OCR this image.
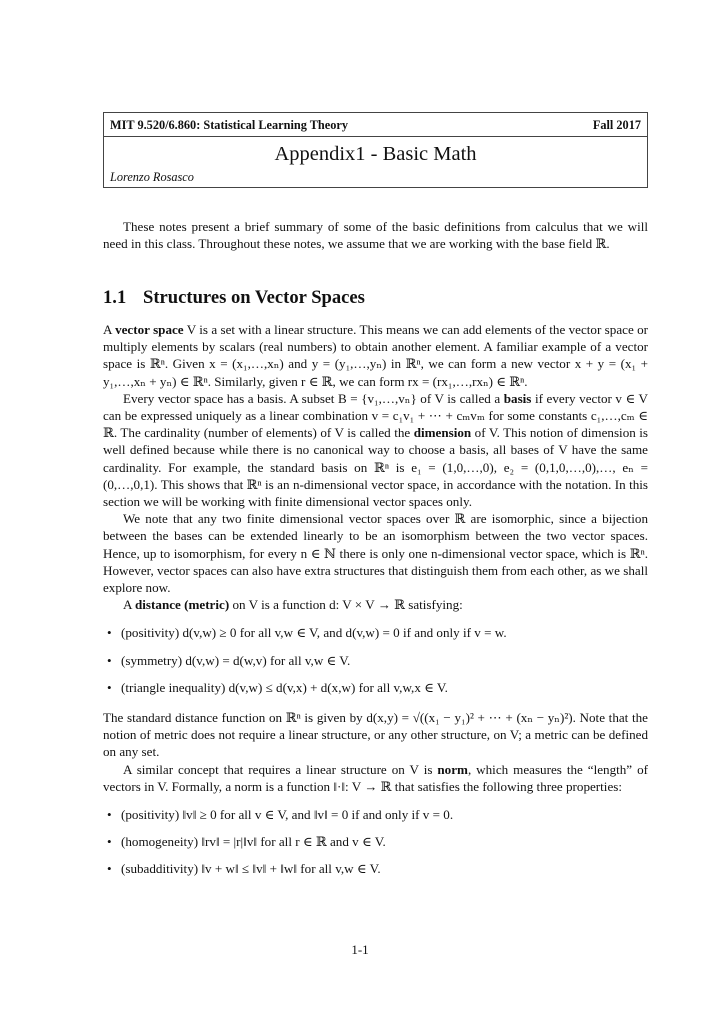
MIT 9.520/6.860: Statistical Learning Theory	Fall 2017
Appendix1 - Basic Math
Lorenzo Rosasco

These notes present a brief summary of some of the basic definitions from calculus that we will need in this class. Throughout these notes, we assume that we are working with the base field ℝ.

1.1 Structures on Vector Spaces

A vector space V is a set with a linear structure. This means we can add elements of the vector space or multiply elements by scalars (real numbers) to obtain another element. A familiar example of a vector space is ℝⁿ. Given x = (x₁,…,xₙ) and y = (y₁,…,yₙ) in ℝⁿ, we can form a new vector x + y = (x₁ + y₁,…,xₙ + yₙ) ∈ ℝⁿ. Similarly, given r ∈ ℝ, we can form rx = (rx₁,…,rxₙ) ∈ ℝⁿ.

Every vector space has a basis. A subset B = {v₁,…,vₙ} of V is called a basis if every vector v ∈ V can be expressed uniquely as a linear combination v = c₁v₁ + ⋯ + cₘvₘ for some constants c₁,…,cₘ ∈ ℝ. The cardinality (number of elements) of V is called the dimension of V. This notion of dimension is well defined because while there is no canonical way to choose a basis, all bases of V have the same cardinality. For example, the standard basis on ℝⁿ is e₁ = (1,0,…,0), e₂ = (0,1,0,…,0),…, eₙ = (0,…,0,1). This shows that ℝⁿ is an n-dimensional vector space, in accordance with the notation. In this section we will be working with finite dimensional vector spaces only.

We note that any two finite dimensional vector spaces over ℝ are isomorphic, since a bijection between the bases can be extended linearly to be an isomorphism between the two vector spaces. Hence, up to isomorphism, for every n ∈ ℕ there is only one n-dimensional vector space, which is ℝⁿ. However, vector spaces can also have extra structures that distinguish them from each other, as we shall explore now.

A distance (metric) on V is a function d: V × V → ℝ satisfying:

• (positivity) d(v,w) ≥ 0 for all v,w ∈ V, and d(v,w) = 0 if and only if v = w.
• (symmetry) d(v,w) = d(w,v) for all v,w ∈ V.
• (triangle inequality) d(v,w) ≤ d(v,x) + d(x,w) for all v,w,x ∈ V.

The standard distance function on ℝⁿ is given by d(x,y) = √((x₁ − y₁)² + ⋯ + (xₙ − yₙ)²). Note that the notion of metric does not require a linear structure, or any other structure, on V; a metric can be defined on any set.

A similar concept that requires a linear structure on V is norm, which measures the “length” of vectors in V. Formally, a norm is a function ‖·‖: V → ℝ that satisfies the following three properties:

• (positivity) ‖v‖ ≥ 0 for all v ∈ V, and ‖v‖ = 0 if and only if v = 0.
• (homogeneity) ‖rv‖ = |r|‖v‖ for all r ∈ ℝ and v ∈ V.
• (subadditivity) ‖v + w‖ ≤ ‖v‖ + ‖w‖ for all v,w ∈ V.
1-1
